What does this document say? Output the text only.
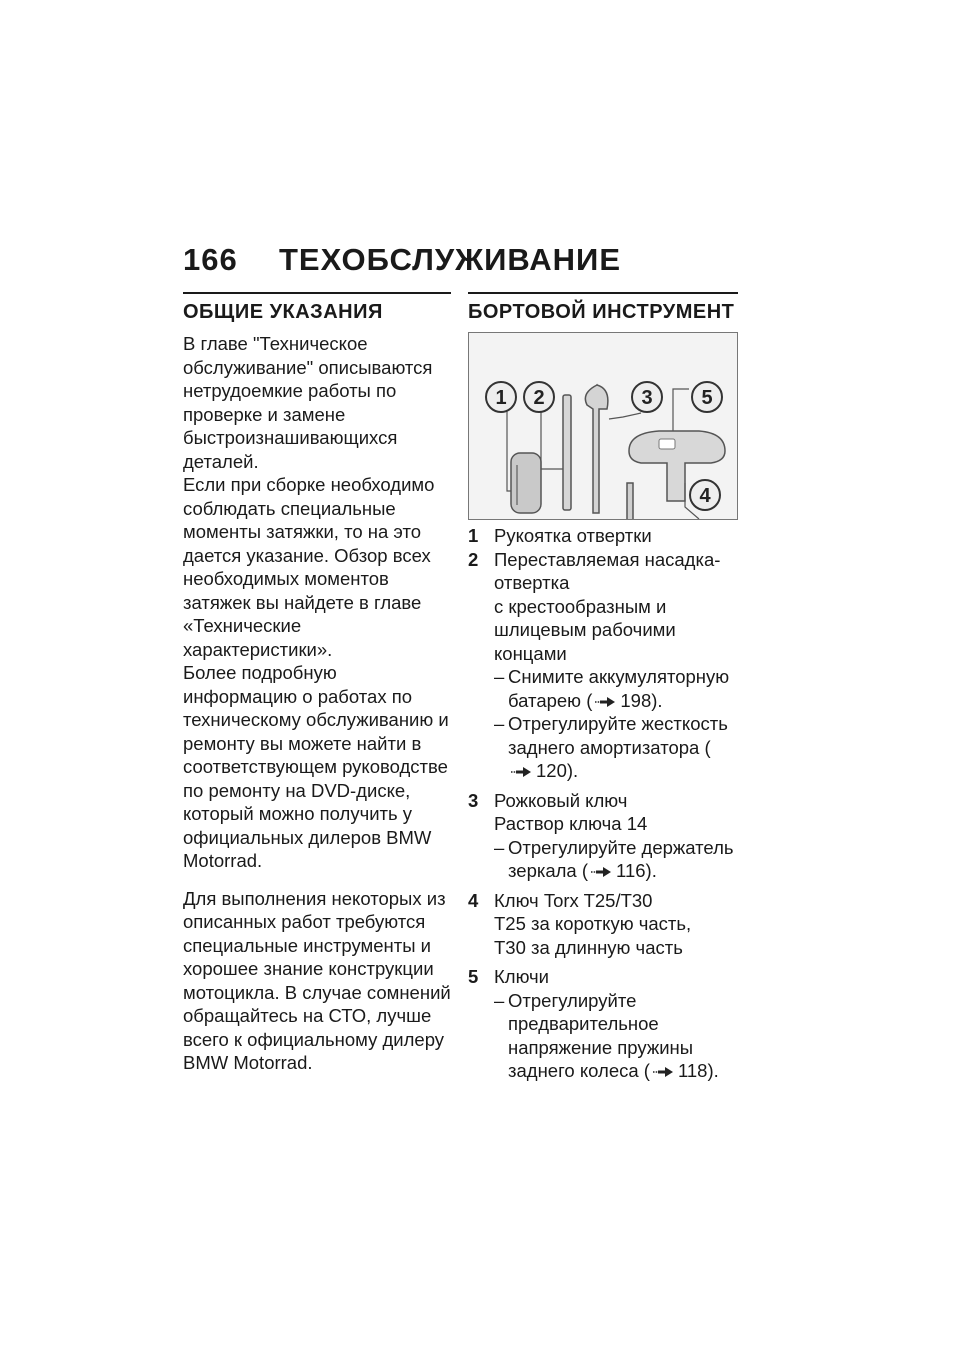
166 ТЕХОБСЛУЖИВАНИЕ
ОБЩИЕ УКАЗАНИЯ

В главе "Техническое обслуживание" описываются нетрудоемкие работы по проверке и замене быстроизнашивающихся деталей.

Если при сборке необходимо соблюдать специальные моменты затяжки, то на это дается указание. Обзор всех необходимых моментов затяжек вы найдете в главе «Технические характеристики».

Более подробную информацию о работах по техническому обслуживанию и ремонту вы можете найти в соответствующем руководстве по ремонту на DVD-диске, который можно получить у официальных дилеров BMW Motorrad.

Для выполнения некоторых из описанных работ требуются специальные инструменты и хорошее знание конструкции мотоцикла. В случае сомнений обращайтесь на СТО, лучше всего к официальному дилеру BMW Motorrad.

БОРТОВОЙ ИНСТРУМЕНТ
1 2	3
4
5
1 Рукоятка отвертки
2 Переставляемая насадка-отвертка
с крестообразным и шлицевым рабочими концами
– Снимите аккумуляторную батарею ( 198).
– Отрегулируйте жесткость заднего амортизатора (120).
3 Рожковый ключ
Раствор ключа 14
– Отрегулируйте держатель зеркала ( 116).
4 Ключ Torx T25/T30
T25 за короткую часть,
T30 за длинную часть
5 Ключи
– Отрегулируйте предварительное напряжение пружины заднего колеса ( 118).
